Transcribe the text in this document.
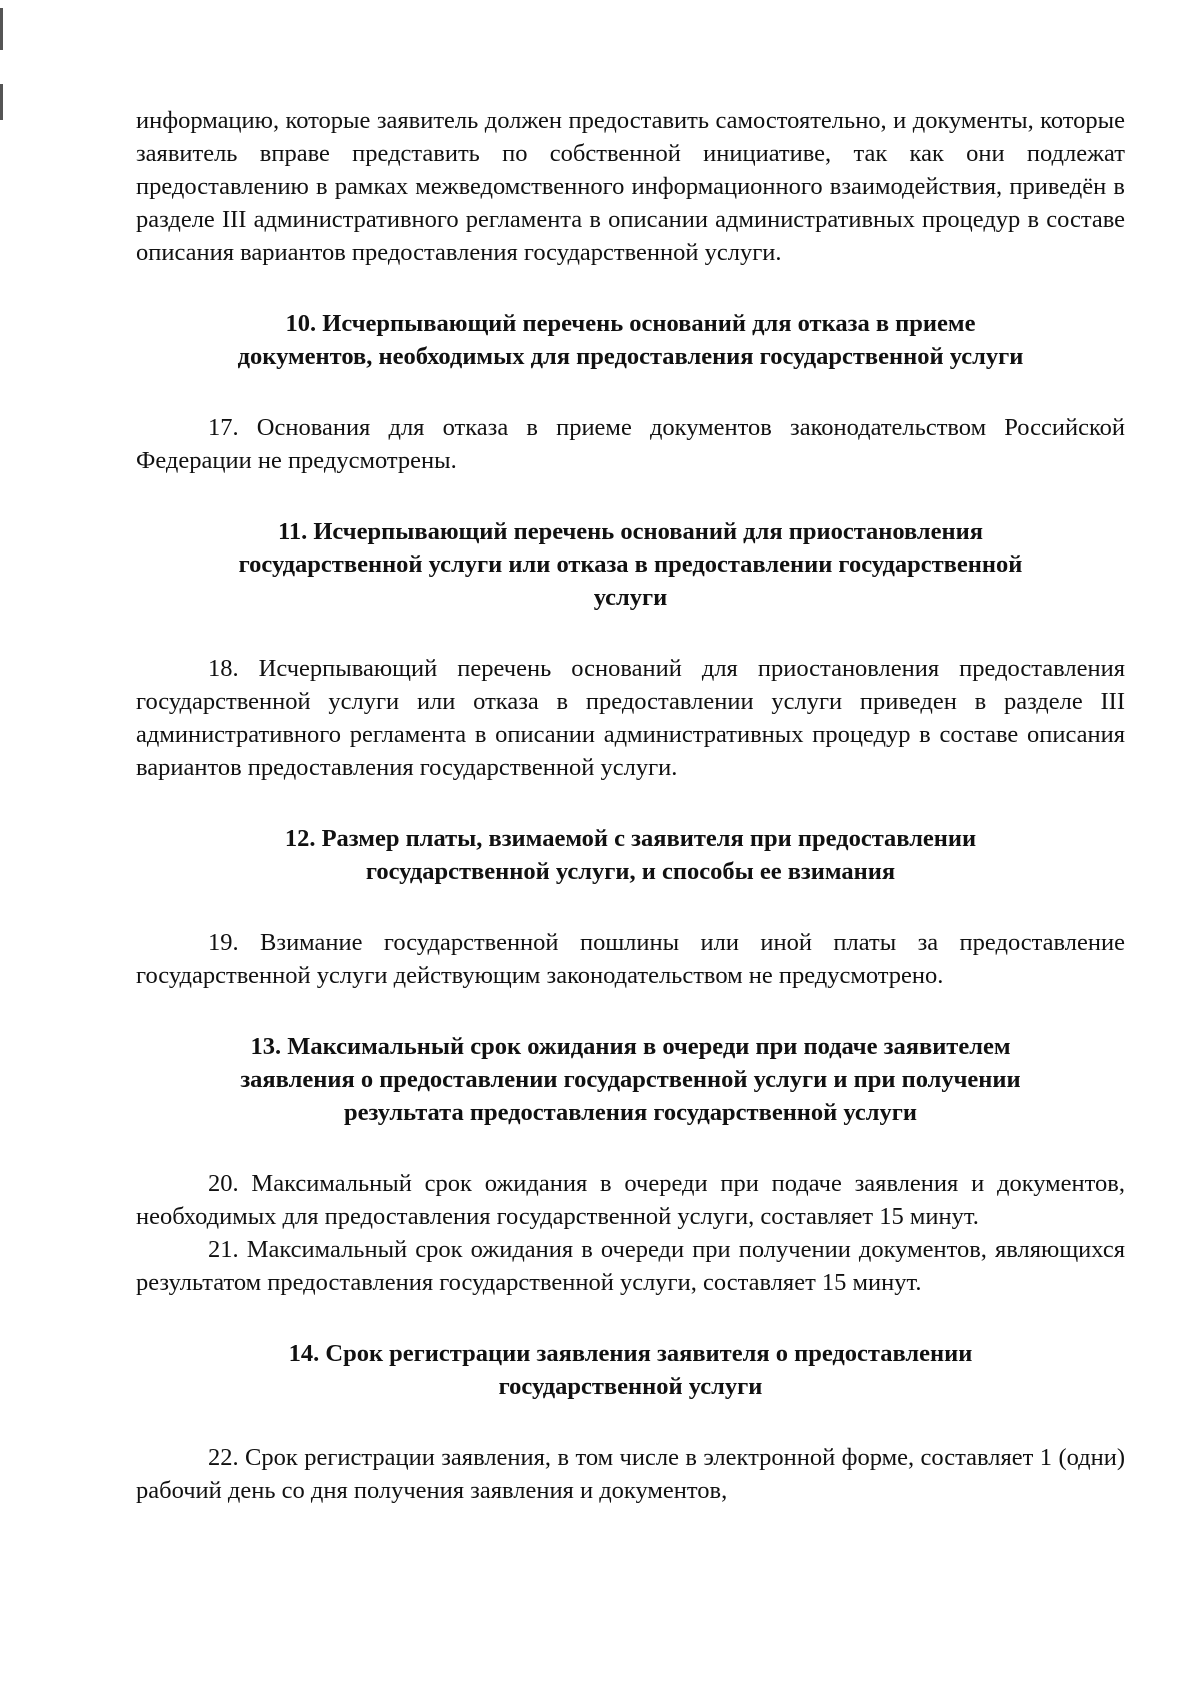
информацию, которые заявитель должен предоставить самостоятельно, и документы, которые заявитель вправе представить по собственной инициативе, так как они подлежат предоставлению в рамках межведомственного информационного взаимодействия, приведён в разделе III административного регламента в описании административных процедур в составе описания вариантов предоставления государственной услуги.

10. Исчерпывающий перечень оснований для отказа в приеме
документов, необходимых для предоставления государственной услуги

17. Основания для отказа в приеме документов законодательством Российской Федерации не предусмотрены.

11. Исчерпывающий перечень оснований для приостановления
государственной услуги или отказа в предоставлении государственной
услуги

18. Исчерпывающий перечень оснований для приостановления предоставления государственной услуги или отказа в предоставлении услуги приведен в разделе III административного регламента в описании административных процедур в составе описания вариантов предоставления государственной услуги.

12. Размер платы, взимаемой с заявителя при предоставлении
государственной услуги, и способы ее взимания

19. Взимание государственной пошлины или иной платы за предоставление государственной услуги действующим законодательством не предусмотрено.

13. Максимальный срок ожидания в очереди при подаче заявителем
заявления о предоставлении государственной услуги и при получении
результата предоставления государственной услуги

20. Максимальный срок ожидания в очереди при подаче заявления и документов, необходимых для предоставления государственной услуги, составляет 15 минут.

21. Максимальный срок ожидания в очереди при получении документов, являющихся результатом предоставления государственной услуги, составляет 15 минут.

14. Срок регистрации заявления заявителя о предоставлении
государственной услуги

22. Срок регистрации заявления, в том числе в электронной форме, составляет 1 (одни) рабочий день со дня получения заявления и документов,
